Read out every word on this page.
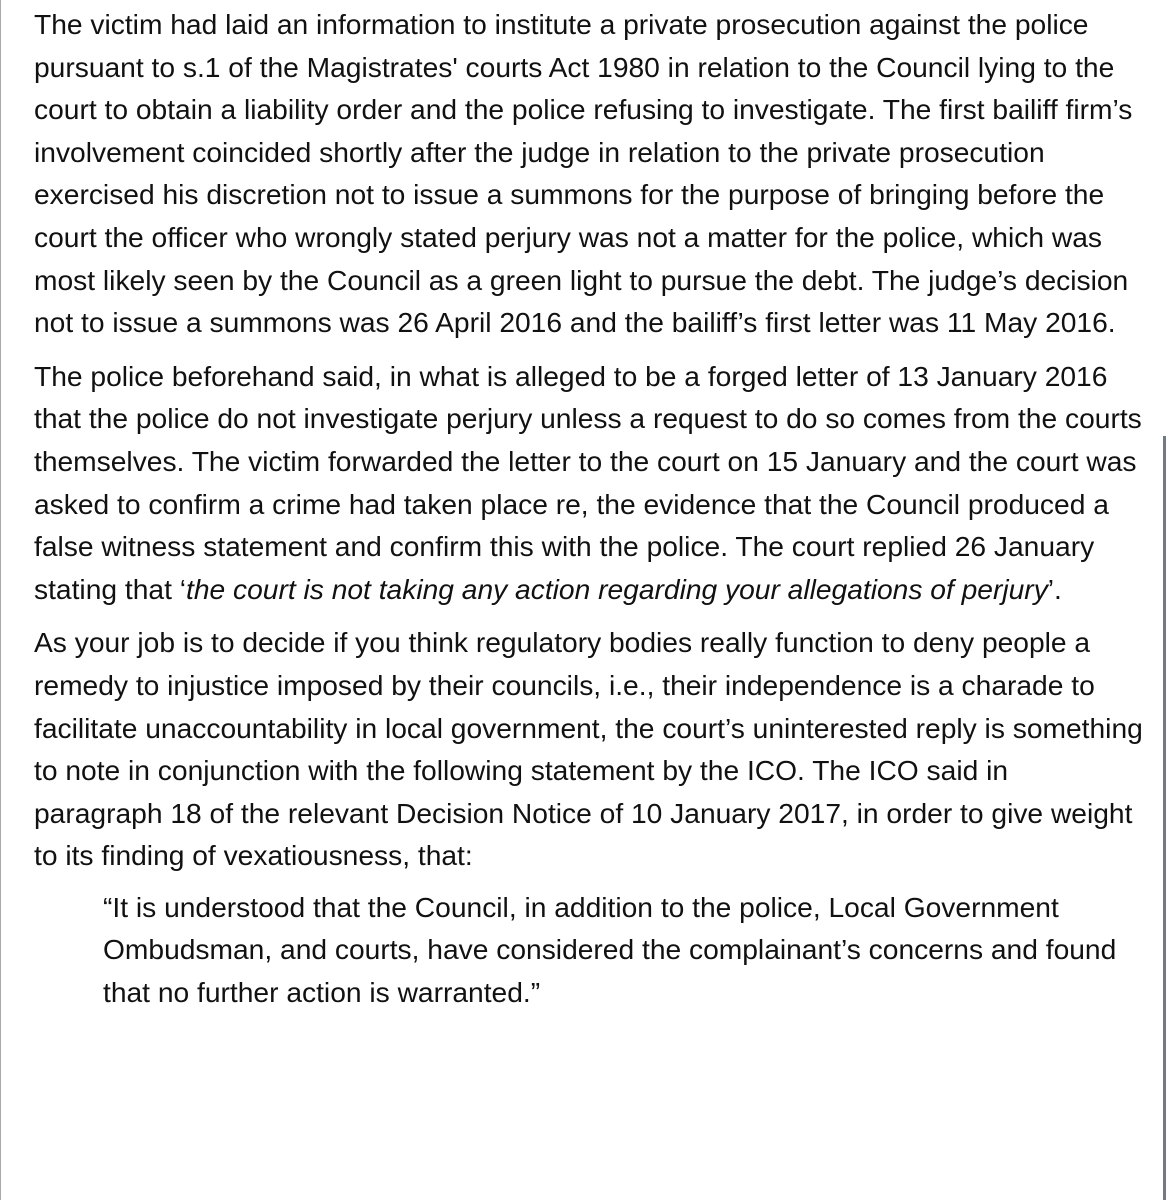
The victim had laid an information to institute a private prosecution against the police pursuant to s.1 of the Magistrates' courts Act 1980 in relation to the Council lying to the court to obtain a liability order and the police refusing to investigate. The first bailiff firm’s involvement coincided shortly after the judge in relation to the private prosecution exercised his discretion not to issue a summons for the purpose of bringing before the court the officer who wrongly stated perjury was not a matter for the police, which was most likely seen by the Council as a green light to pursue the debt. The judge’s decision not to issue a summons was 26 April 2016 and the bailiff’s first letter was 11 May 2016.

The police beforehand said, in what is alleged to be a forged letter of 13 January 2016 that the police do not investigate perjury unless a request to do so comes from the courts themselves. The victim forwarded the letter to the court on 15 January and the court was asked to confirm a crime had taken place re, the evidence that the Council produced a false witness statement and confirm this with the police. The court replied 26 January stating that ‘the court is not taking any action regarding your allegations of perjury’.

As your job is to decide if you think regulatory bodies really function to deny people a remedy to injustice imposed by their councils, i.e., their independence is a charade to facilitate unaccountability in local government, the court’s uninterested reply is something to note in conjunction with the following statement by the ICO. The ICO said in paragraph 18 of the relevant Decision Notice of 10 January 2017, in order to give weight to its finding of vexatiousness, that:

“It is understood that the Council, in addition to the police, Local Government Ombudsman, and courts, have considered the complainant’s concerns and found that no further action is warranted.”
